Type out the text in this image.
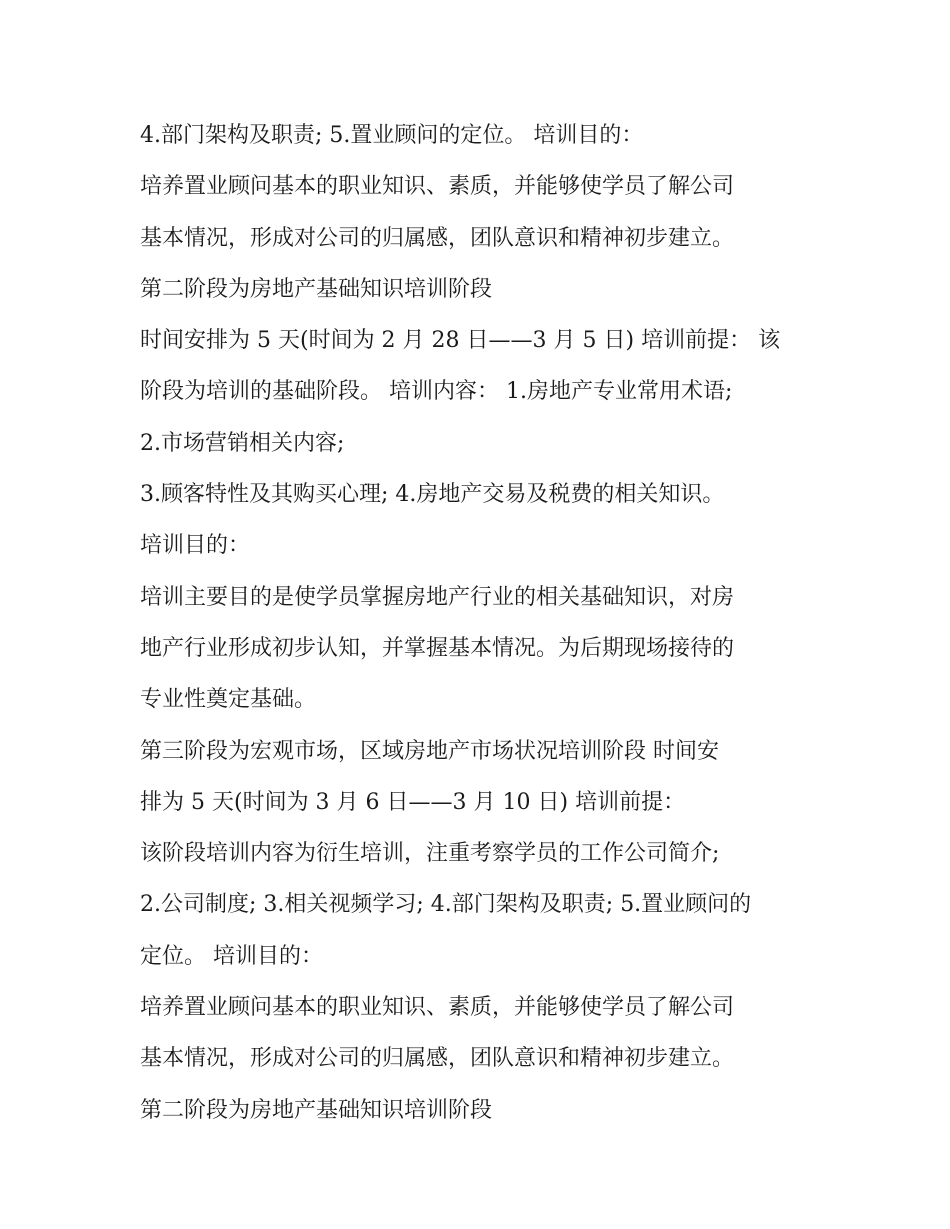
4.部门架构及职责; 5.置业顾问的定位。 培训目的：
培养置业顾问基本的职业知识、素质，并能够使学员了解公司
基本情况，形成对公司的归属感，团队意识和精神初步建立。
第二阶段为房地产基础知识培训阶段
时间安排为 5 天(时间为 2 月 28 日——3 月 5 日) 培训前提： 该
阶段为培训的基础阶段。 培训内容： 1.房地产专业常用术语;
2.市场营销相关内容;
3.顾客特性及其购买心理; 4.房地产交易及税费的相关知识。
培训目的：
培训主要目的是使学员掌握房地产行业的相关基础知识，对房
地产行业形成初步认知，并掌握基本情况。为后期现场接待的
专业性奠定基础。
第三阶段为宏观市场，区域房地产市场状况培训阶段 时间安
排为 5 天(时间为 3 月 6 日——3 月 10 日) 培训前提：
该阶段培训内容为衍生培训，注重考察学员的工作公司简介;
2.公司制度; 3.相关视频学习; 4.部门架构及职责; 5.置业顾问的
定位。 培训目的：
培养置业顾问基本的职业知识、素质，并能够使学员了解公司
基本情况，形成对公司的归属感，团队意识和精神初步建立。
第二阶段为房地产基础知识培训阶段
